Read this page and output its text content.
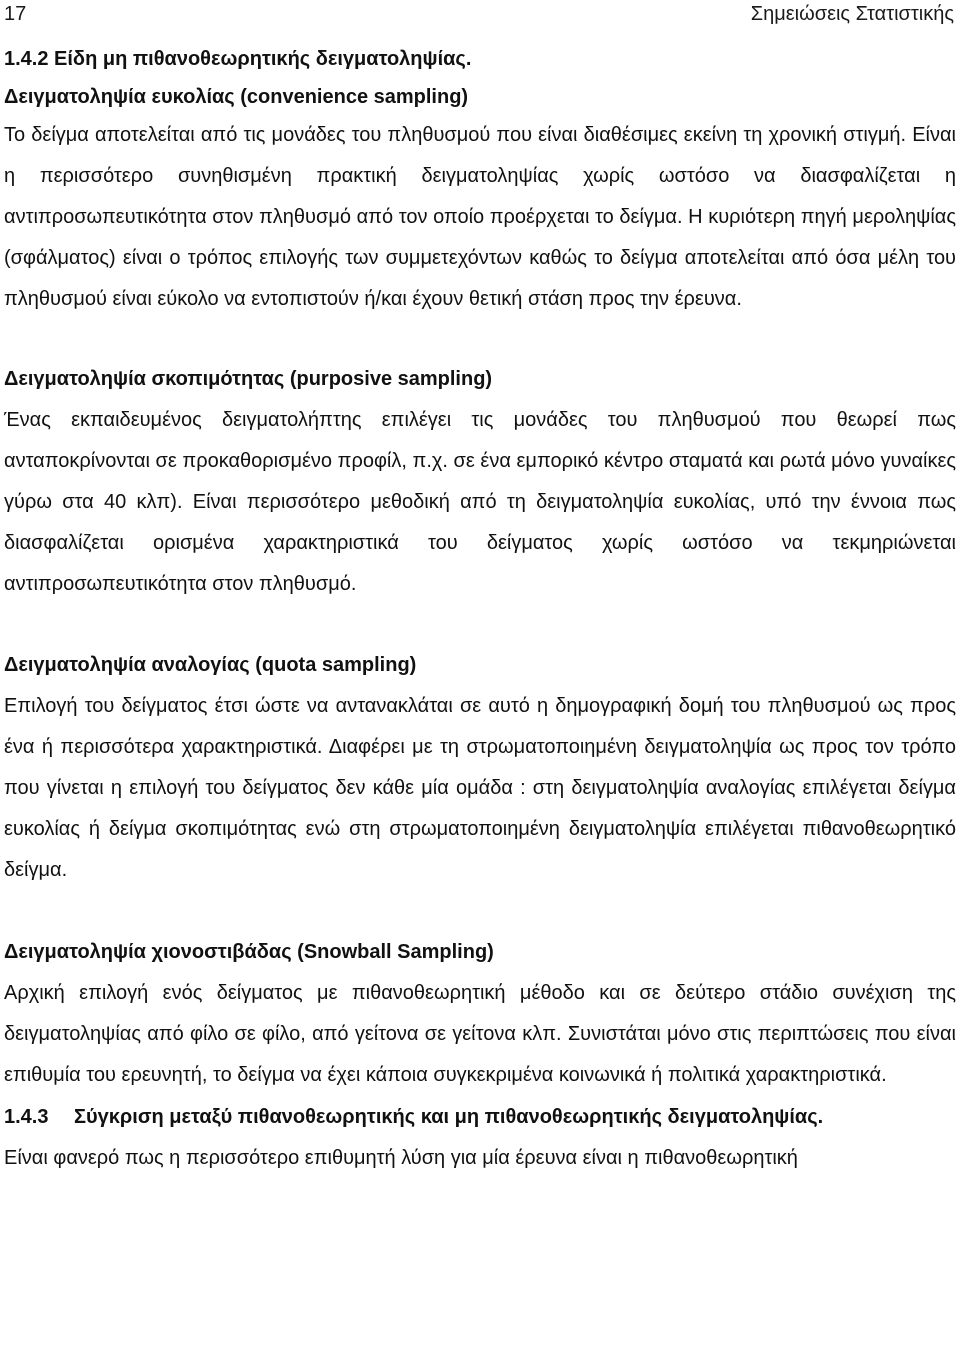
17	Σημειώσεις Στατιστικής

1.4.2 Είδη μη πιθανοθεωρητικής δειγματοληψίας.

Δειγματοληψία ευκολίας (convenience sampling)

Το δείγμα αποτελείται από τις μονάδες του πληθυσμού που είναι διαθέσιμες εκείνη τη χρονική στιγμή. Είναι η περισσότερο συνηθισμένη πρακτική δειγματοληψίας χωρίς ωστόσο να διασφαλίζεται η αντιπροσωπευτικότητα στον πληθυσμό από τον οποίο προέρχεται το δείγμα. Η κυριότερη πηγή μεροληψίας (σφάλματος) είναι ο τρόπος επιλογής των συμμετεχόντων καθώς το δείγμα αποτελείται από όσα μέλη του πληθυσμού είναι εύκολο να εντοπιστούν ή/και έχουν θετική στάση προς την έρευνα.

Δειγματοληψία σκοπιμότητας (purposive sampling)

Ένας εκπαιδευμένος δειγματολήπτης επιλέγει τις μονάδες του πληθυσμού που θεωρεί πως ανταποκρίνονται σε προκαθορισμένο προφίλ, π.χ. σε ένα εμπορικό κέντρο σταματά και ρωτά μόνο γυναίκες γύρω στα 40 κλπ). Είναι περισσότερο μεθοδική από τη δειγματοληψία ευκολίας, υπό την έννοια πως διασφαλίζεται ορισμένα χαρακτηριστικά του δείγματος χωρίς ωστόσο να τεκμηριώνεται αντιπροσωπευτικότητα στον πληθυσμό.

Δειγματοληψία αναλογίας (quota sampling)

Επιλογή του δείγματος έτσι ώστε να αντανακλάται σε αυτό η δημογραφική δομή του πληθυσμού ως προς ένα ή περισσότερα χαρακτηριστικά. Διαφέρει με τη στρωματοποιημένη δειγματοληψία ως προς τον τρόπο που γίνεται η επιλογή του δείγματος δεν κάθε μία ομάδα : στη δειγματοληψία αναλογίας επιλέγεται δείγμα ευκολίας ή δείγμα σκοπιμότητας ενώ στη στρωματοποιημένη δειγματοληψία επιλέγεται πιθανοθεωρητικό δείγμα.

Δειγματοληψία χιονοστιβάδας (Snowball Sampling)

Αρχική επιλογή ενός δείγματος με πιθανοθεωρητική μέθοδο και σε δεύτερο στάδιο συνέχιση της δειγματοληψίας από φίλο σε φίλο, από γείτονα σε γείτονα κλπ. Συνιστάται μόνο στις περιπτώσεις που είναι επιθυμία του ερευνητή, το δείγμα να έχει κάποια συγκεκριμένα κοινωνικά ή πολιτικά χαρακτηριστικά.

1.4.3	Σύγκριση μεταξύ πιθανοθεωρητικής και μη πιθανοθεωρητικής δειγματοληψίας.

Είναι φανερό πως η περισσότερο επιθυμητή λύση για μία έρευνα είναι η πιθανοθεωρητική
